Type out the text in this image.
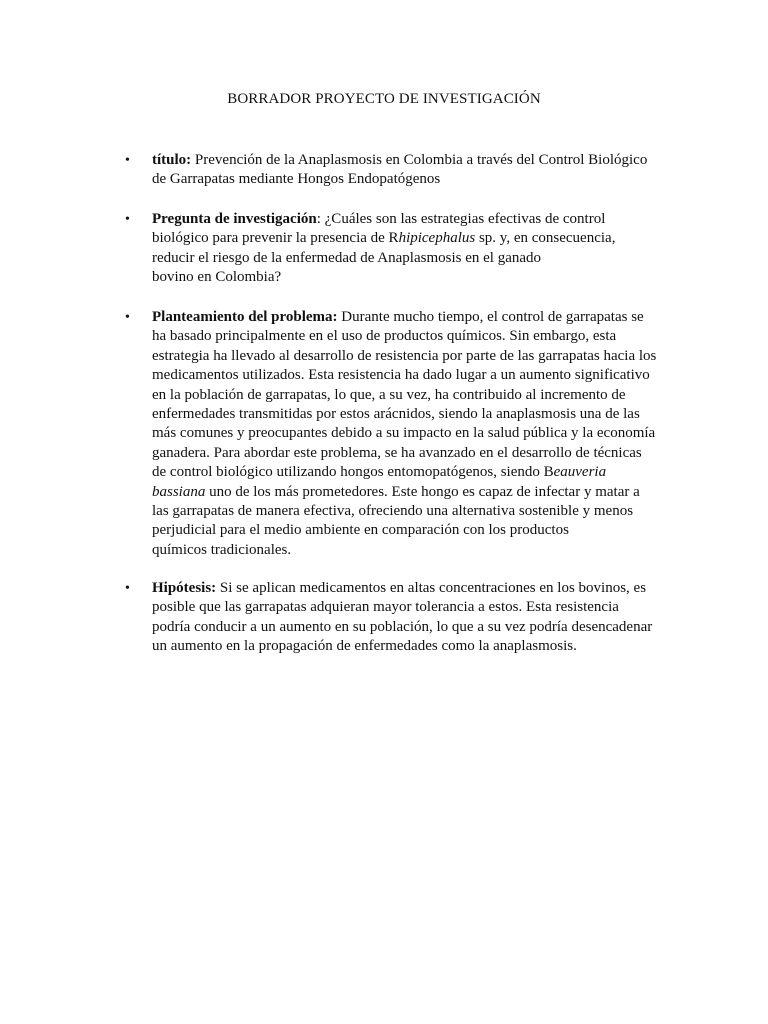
BORRADOR PROYECTO DE INVESTIGACIÓN
• título: Prevención de la Anaplasmosis en Colombia a través del Control Biológico
de Garrapatas mediante Hongos Endopatógenos
• Pregunta de investigación: ¿Cuáles son las estrategias efectivas de control
biológico para prevenir la presencia de Rhipicephalus sp. y, en consecuencia,
reducir el riesgo de la enfermedad de Anaplasmosis en el ganado
bovino en Colombia?
• Planteamiento del problema: Durante mucho tiempo, el control de garrapatas se
ha basado principalmente en el uso de productos químicos. Sin embargo, esta
estrategia ha llevado al desarrollo de resistencia por parte de las garrapatas hacia los
medicamentos utilizados. Esta resistencia ha dado lugar a un aumento significativo
en la población de garrapatas, lo que, a su vez, ha contribuido al incremento de
enfermedades transmitidas por estos arácnidos, siendo la anaplasmosis una de las
más comunes y preocupantes debido a su impacto en la salud pública y la economía
ganadera. Para abordar este problema, se ha avanzado en el desarrollo de técnicas
de control biológico utilizando hongos entomopatógenos, siendo Beauveria
bassiana uno de los más prometedores. Este hongo es capaz de infectar y matar a
las garrapatas de manera efectiva, ofreciendo una alternativa sostenible y menos
perjudicial para el medio ambiente en comparación con los productos
químicos tradicionales.
• Hipótesis: Si se aplican medicamentos en altas concentraciones en los bovinos, es
posible que las garrapatas adquieran mayor tolerancia a estos. Esta resistencia
podría conducir a un aumento en su población, lo que a su vez podría desencadenar
un aumento en la propagación de enfermedades como la anaplasmosis.
